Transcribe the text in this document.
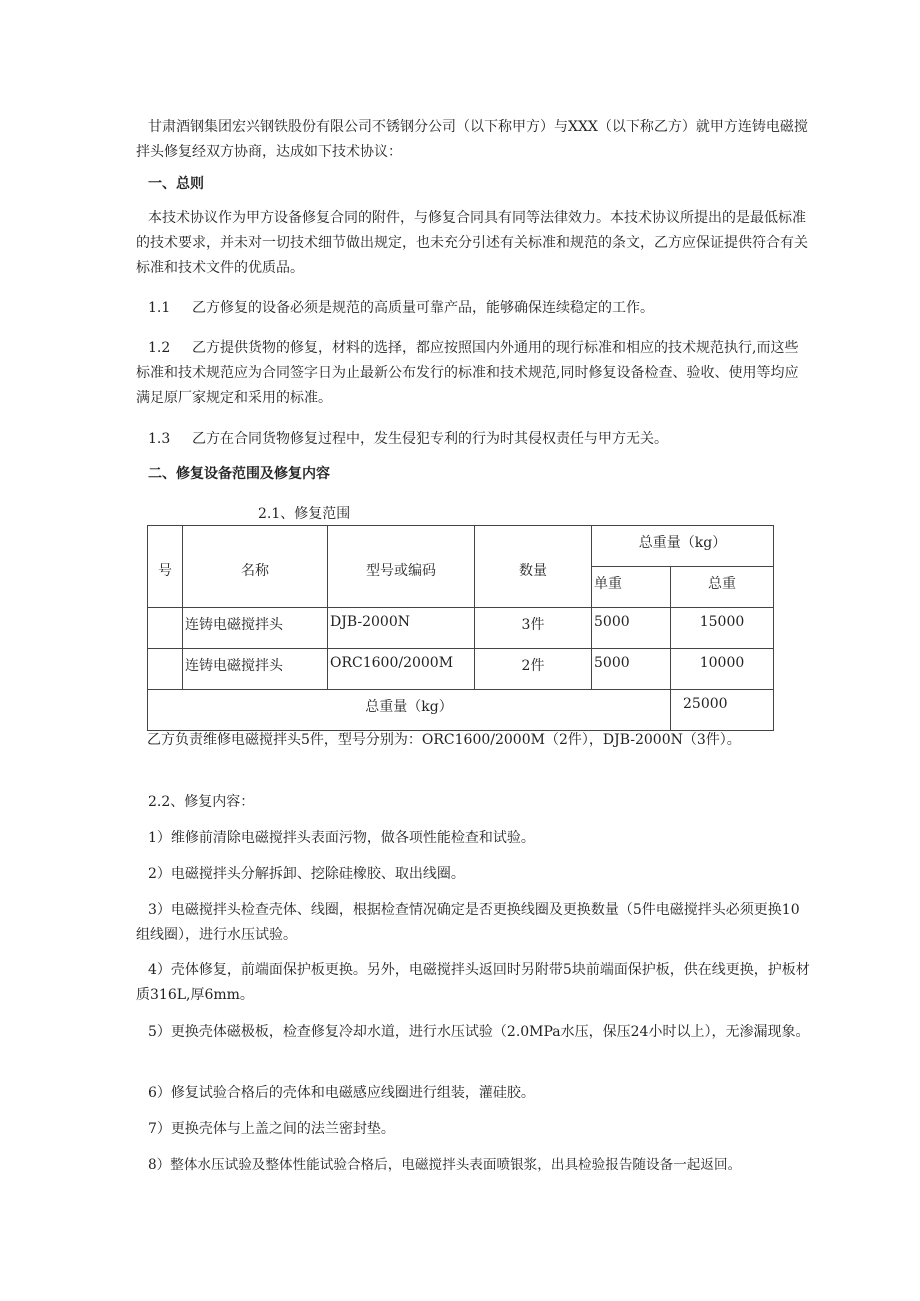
甘肃酒钢集团宏兴钢铁股份有限公司不锈钢分公司（以下称甲方）与XXX（以下称乙方）就甲方连铸电磁搅拌头修复经双方协商，达成如下技术协议：
一、总则
本技术协议作为甲方设备修复合同的附件，与修复合同具有同等法律效力。本技术协议所提出的是最低标准的技术要求，并未对一切技术细节做出规定，也未充分引述有关标准和规范的条文，乙方应保证提供符合有关标准和技术文件的优质品。
1.1 乙方修复的设备必须是规范的高质量可靠产品，能够确保连续稳定的工作。
1.2 乙方提供货物的修复，材料的选择，都应按照国内外通用的现行标准和相应的技术规范执行,而这些标准和技术规范应为合同签字日为止最新公布发行的标准和技术规范,同时修复设备检查、验收、使用等均应满足原厂家规定和采用的标准。
1.3 乙方在合同货物修复过程中，发生侵犯专利的行为时其侵权责任与甲方无关。
二、修复设备范围及修复内容
2.1、修复范围
号	名称	型号或编码	数量	总重量（kg）	
				单重	总重
	连铸电磁搅拌头	DJB-2000N	3件	5000	15000
	连铸电磁搅拌头	ORC1600/2000M	2件	5000	10000
总重量（kg）					25000
乙方负责维修电磁搅拌头5件，型号分别为：ORC1600/2000M（2件），DJB-2000N（3件）。
2.2、修复内容：
1）维修前清除电磁搅拌头表面污物，做各项性能检查和试验。
2）电磁搅拌头分解拆卸、挖除硅橡胶、取出线圈。
3）电磁搅拌头检查壳体、线圈，根据检查情况确定是否更换线圈及更换数量（5件电磁搅拌头必须更换10组线圈），进行水压试验。
4）壳体修复，前端面保护板更换。另外，电磁搅拌头返回时另附带5块前端面保护板，供在线更换，护板材质316L,厚6mm。
5）更换壳体磁极板，检查修复冷却水道，进行水压试验（2.0MPa水压，保压24小时以上），无渗漏现象。
6）修复试验合格后的壳体和电磁感应线圈进行组装，灌硅胶。
7）更换壳体与上盖之间的法兰密封垫。
8）整体水压试验及整体性能试验合格后，电磁搅拌头表面喷银浆，出具检验报告随设备一起返回。
